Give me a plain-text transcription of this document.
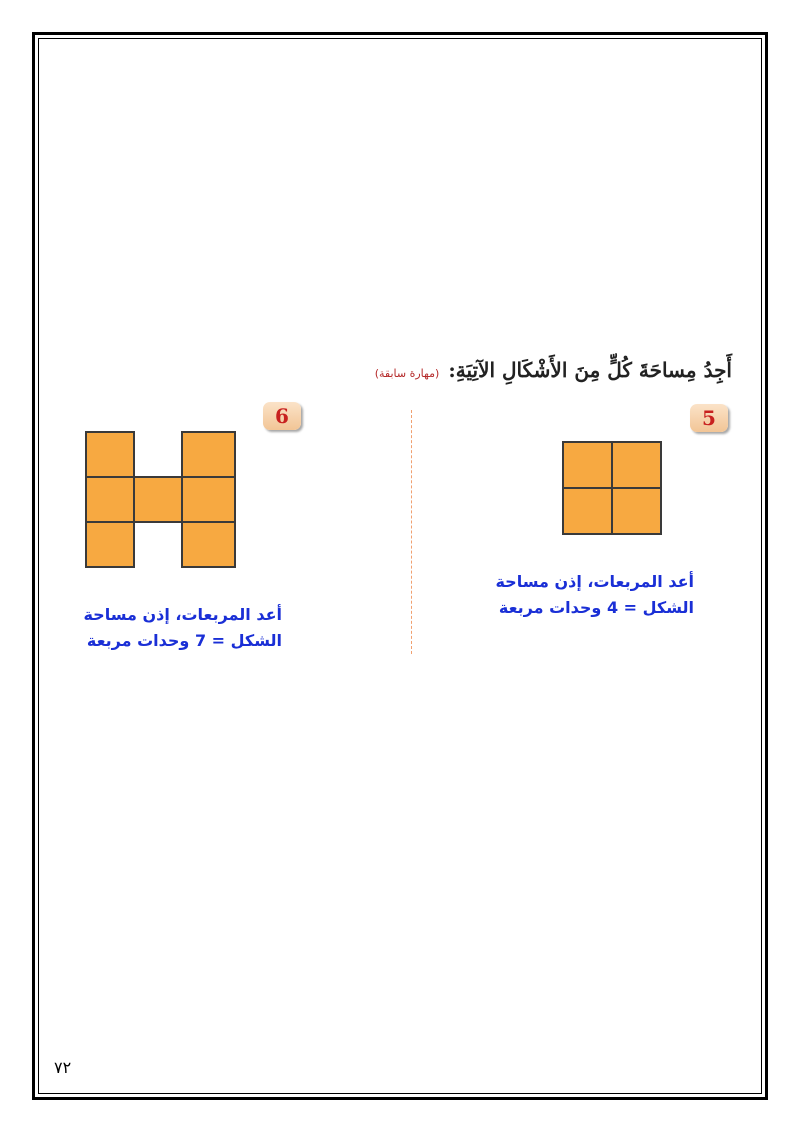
أَجِدُ مِساحَةَ كُلٍّ مِنَ الأَشْكَالِ الآتِيَةِ: (مهارة سابقة)
5
6
أعد المربعات، إذن مساحة
الشكل = 4 وحدات مربعة
أعد المربعات، إذن مساحة
الشكل = 7 وحدات مربعة
٧٢
